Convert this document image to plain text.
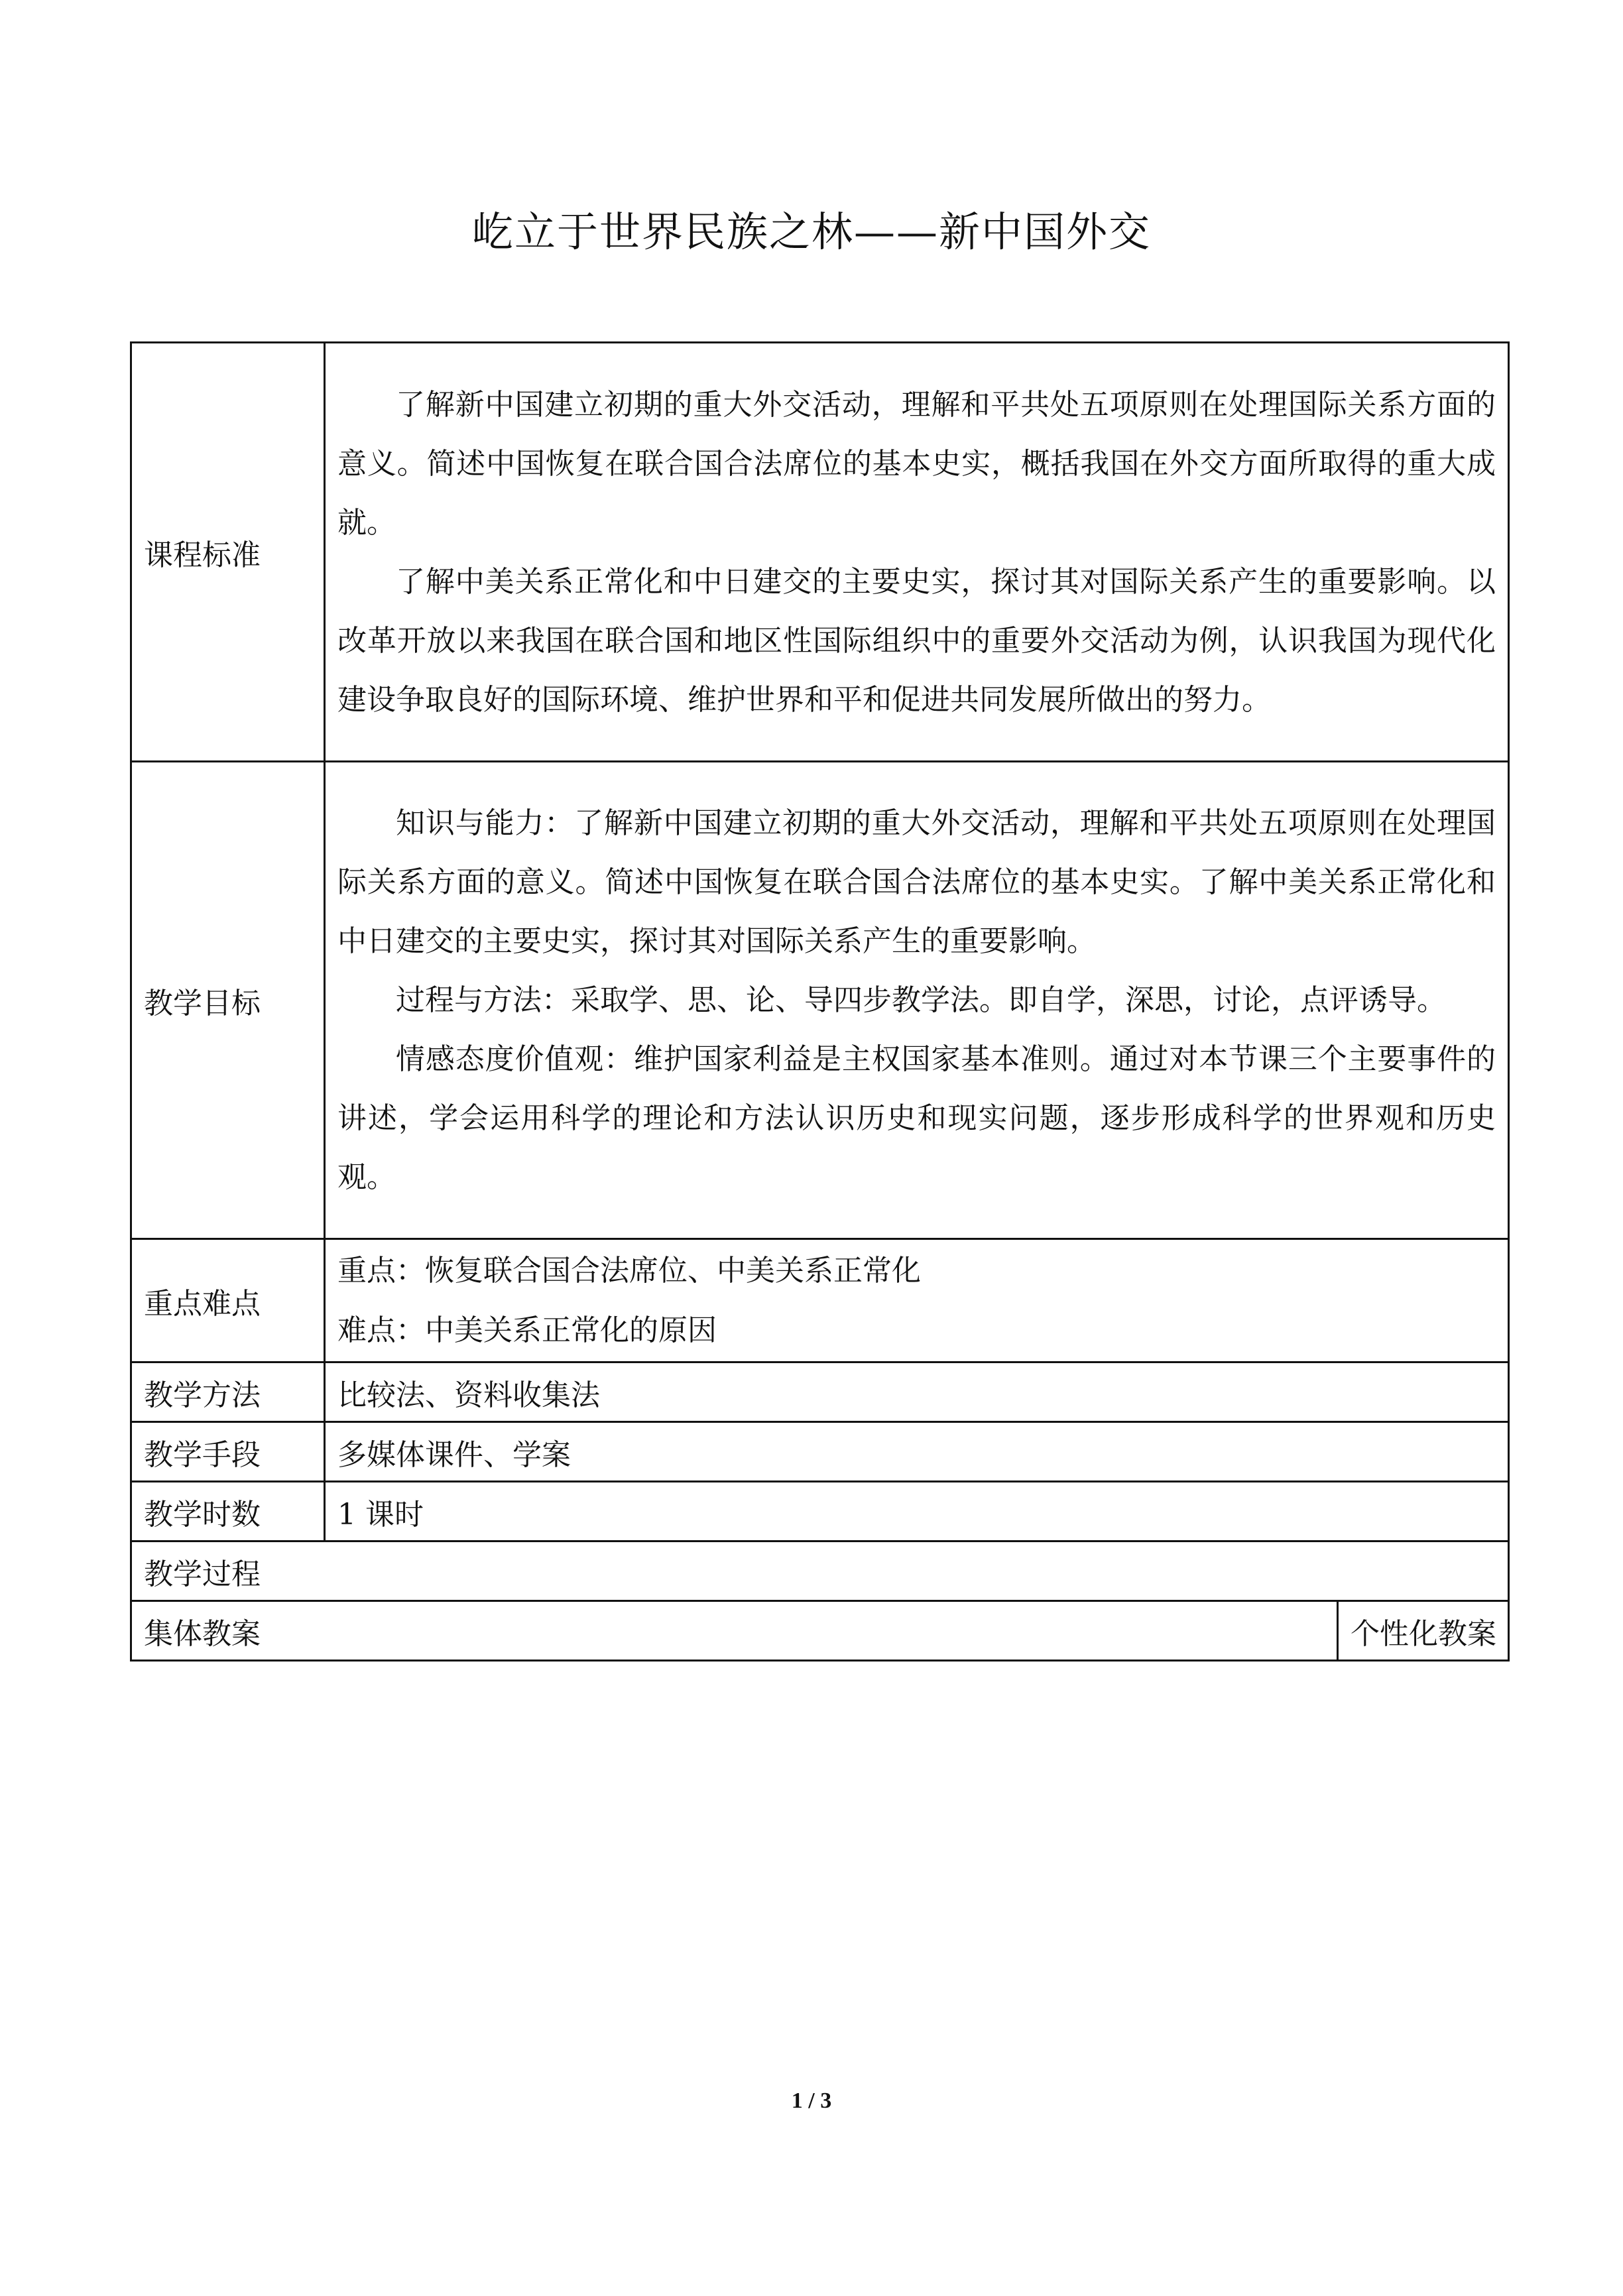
屹立于世界民族之林——新中国外交
课程标准	了解新中国建立初期的重大外交活动，理解和平共处五项原则在处理国际关系方面的意义。简述中国恢复在联合国合法席位的基本史实，概括我国在外交方面所取得的重大成就。

了解中美关系正常化和中日建交的主要史实，探讨其对国际关系产生的重要影响。以改革开放以来我国在联合国和地区性国际组织中的重要外交活动为例，认识我国为现代化建设争取良好的国际环境、维护世界和平和促进共同发展所做出的努力。	

教学目标	知识与能力：了解新中国建立初期的重大外交活动，理解和平共处五项原则在处理国际关系方面的意义。简述中国恢复在联合国合法席位的基本史实。了解中美关系正常化和中日建交的主要史实，探讨其对国际关系产生的重要影响。

过程与方法：采取学、思、论、导四步教学法。即自学，深思，讨论，点评诱导。

情感态度价值观：维护国家利益是主权国家基本准则。通过对本节课三个主要事件的讲述，学会运用科学的理论和方法认识历史和现实问题，逐步形成科学的世界观和历史观。	

重点难点	重点：恢复联合国合法席位、中美关系正常化

难点：中美关系正常化的原因	

教学方法	比较法、资料收集法	
教学手段	多媒体课件、学案	
教学时数	1 课时	
教学过程		
集体教案		个性化教案
1 / 3
